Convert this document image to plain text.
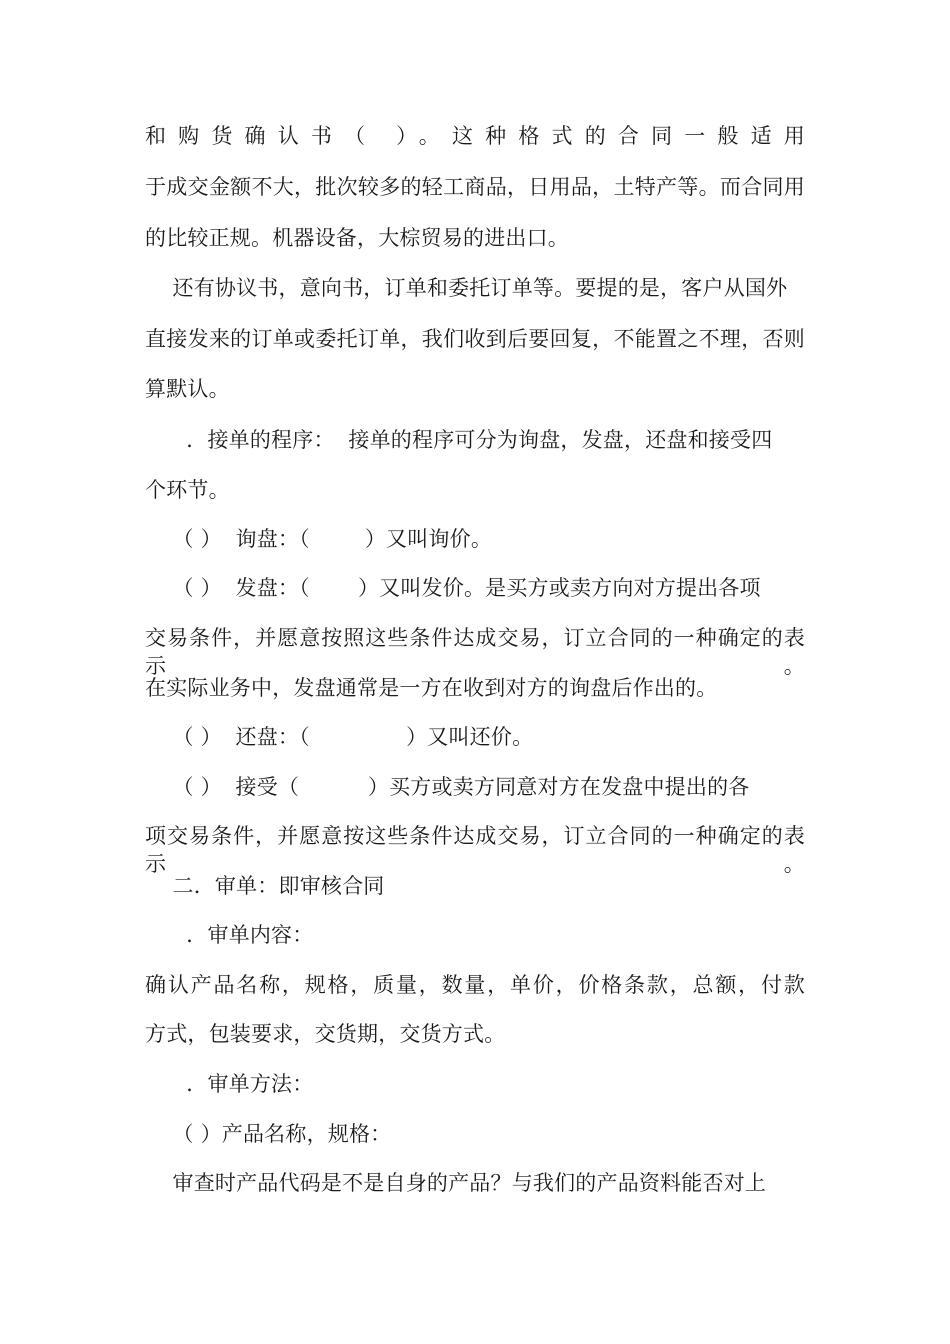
和购货确认书（ ）。这种格式的合同一般适用
于成交金额不大，批次较多的轻工商品，日用品，土特产等。而合同用
的比较正规。机器设备，大棕贸易的进出口。
还有协议书，意向书，订单和委托订单等。要提的是，客户从国外
直接发来的订单或委托订单，我们收到后要回复，不能置之不理，否则
算默认。
．接单的程序：  接单的程序可分为询盘，发盘，还盘和接受四
个环节。
（ ）  询盘：（        ）又叫询价。
（ ）  发盘：（       ）又叫发价。是买方或卖方向对方提出各项
交易条件，并愿意按照这些条件达成交易，订立合同的一种确定的表示。
在实际业务中，发盘通常是一方在收到对方的询盘后作出的。
（ ）  还盘：（              ）又叫还价。
（ ）  接受（          ）买方或卖方同意对方在发盘中提出的各
项交易条件，并愿意按这些条件达成交易，订立合同的一种确定的表示。
二．审单：即审核合同
．审单内容：
确认产品名称，规格，质量，数量，单价，价格条款，总额，付款
方式，包装要求，交货期，交货方式。
．审单方法：
（ ）产品名称，规格：
审查时产品代码是不是自身的产品？与我们的产品资料能否对上
